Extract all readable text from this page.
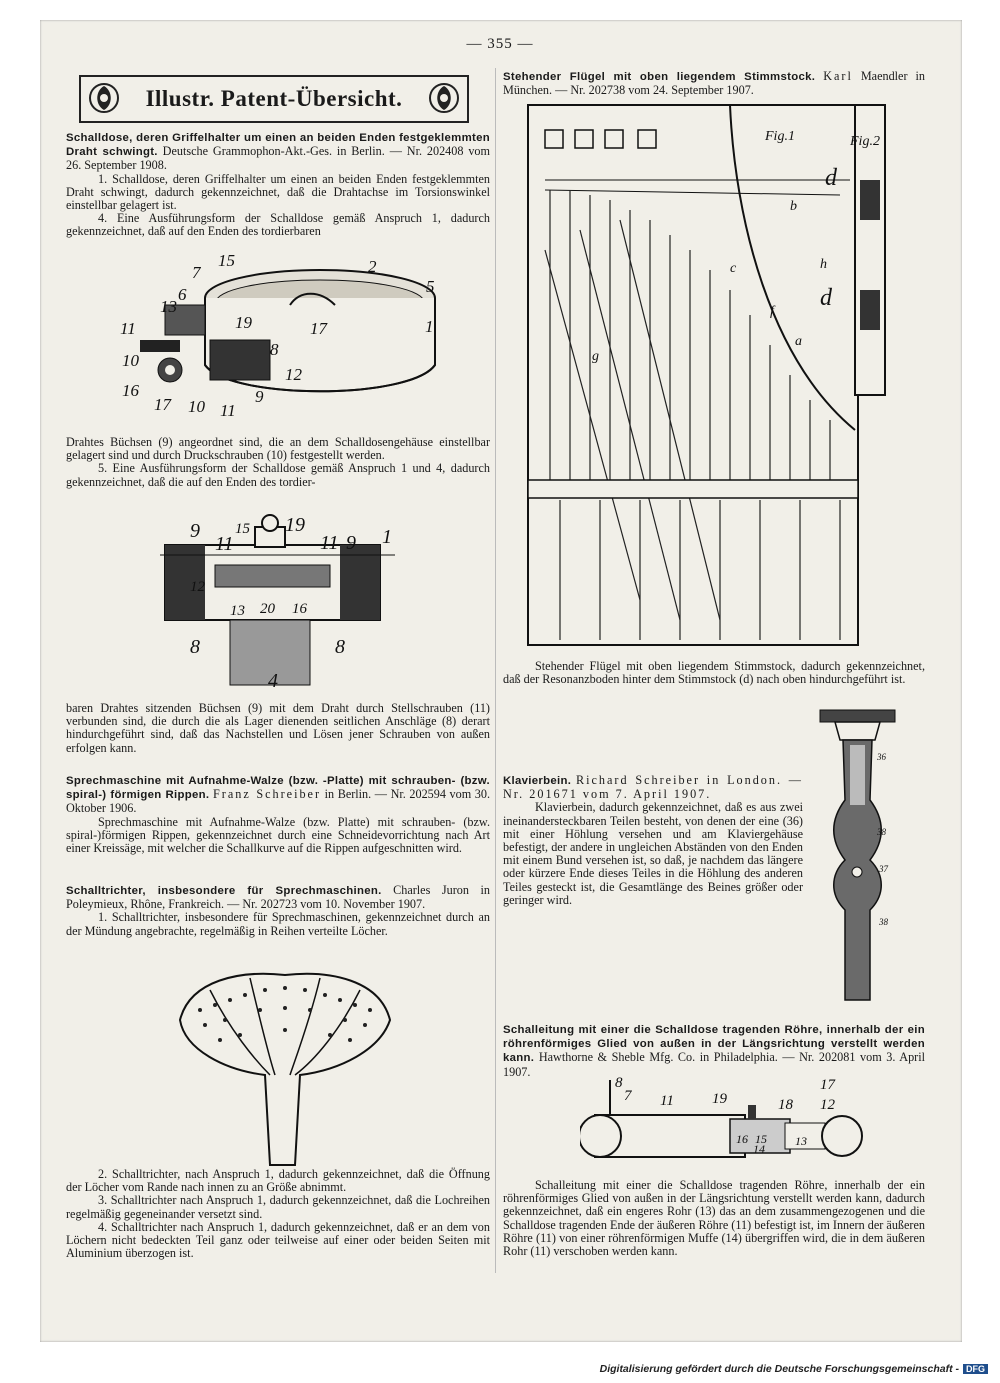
— 355 —
Illustr. Patent-Übersicht.

Schalldose, deren Griffelhalter um einen an beiden Enden festgeklemmten Draht schwingt. Deutsche Grammophon-Akt.-Ges. in Berlin. — Nr. 202408 vom 26. September 1908.

1. Schalldose, deren Griffelhalter um einen an beiden Enden festgeklemmten Draht schwingt, dadurch gekennzeichnet, daß die Drahtachse im Torsionswinkel einstellbar gelagert ist.

4. Eine Ausführungsform der Schalldose gemäß Anspruch 1, dadurch gekennzeichnet, daß auf den Enden des tordierbaren

15
7	2
5
6
13
11
10
16
17 10 11
9
12
8
1
19	17

Drahtes Büchsen (9) angeordnet sind, die an dem Schalldosengehäuse einstellbar gelagert sind und durch Druckschrauben (10) festgestellt werden.

5. Eine Ausführungsform der Schalldose gemäß Anspruch 1 und 4, dadurch gekennzeichnet, daß die auf den Enden des tordier-

9
11
15 19
11 9 1
12
13 20 16
8	8
4

baren Drahtes sitzenden Büchsen (9) mit dem Draht durch Stellschrauben (11) verbunden sind, die durch die als Lager dienenden seitlichen Anschläge (8) derart hindurchgeführt sind, daß das Nachstellen und Lösen jener Schrauben von außen erfolgen kann.

Sprechmaschine mit Aufnahme-Walze (bzw. -Platte) mit schrauben- (bzw. spiral-) förmigen Rippen. Franz Schreiber in Berlin. — Nr. 202594 vom 30. Oktober 1906.

Sprechmaschine mit Aufnahme-Walze (bzw. Platte) mit schrauben- (bzw. spiral-)förmigen Rippen, gekennzeichnet durch eine Schneidevorrichtung nach Art einer Kreissäge, mit welcher die Schallkurve auf die Rippen aufgeschnitten wird.

Schalltrichter, insbesondere für Sprechmaschinen. Charles Juron in Poleymieux, Rhône, Frankreich. — Nr. 202723 vom 10. November 1907.

1. Schalltrichter, insbesondere für Sprechmaschinen, gekennzeichnet durch an der Mündung angebrachte, regelmäßig in Reihen verteilte Löcher.

2. Schalltrichter, nach Anspruch 1, dadurch gekennzeichnet, daß die Öffnung der Löcher vom Rande nach innen zu an Größe abnimmt.

3. Schalltrichter nach Anspruch 1, dadurch gekennzeichnet, daß die Lochreihen regelmäßig gegeneinander versetzt sind.

4. Schalltrichter nach Anspruch 1, dadurch gekennzeichnet, daß er an dem von Löchern nicht bedeckten Teil ganz oder teilweise auf einer oder beiden Seiten mit Aluminium überzogen ist.

Stehender Flügel mit oben liegendem Stimmstock. Karl Maendler in München. — Nr. 202738 vom 24. September 1907.

Fig.1	Fig.2
d
b
c	h
d
f
a
g

Stehender Flügel mit oben liegendem Stimmstock, dadurch gekennzeichnet, daß der Resonanzboden hinter dem Stimmstock (d) nach oben hindurchgeführt ist.

Klavierbein. Richard Schreiber in London. — Nr. 201671 vom 7. April 1907.

Klavierbein, dadurch gekennzeichnet, daß es aus zwei ineinandersteckbaren Teilen besteht, von denen der eine (36) mit einer Höhlung versehen und am Klaviergehäuse befestigt, der andere in ungleichen Abständen von den Enden mit einem Bund versehen ist, so daß, je nachdem das längere oder kürzere Ende dieses Teiles in die Höhlung des anderen Teiles gesteckt ist, die Gesamtlänge des Beines größer oder geringer wird.

36
38
37
38

Schalleitung mit einer die Schalldose tragenden Röhre, innerhalb der ein röhrenförmiges Glied von außen in der Längsrichtung verstellt werden kann. Hawthorne & Sheble Mfg. Co. in Philadelphia. — Nr. 202081 vom 3. April 1907.

8
7 11	19	18
17
12
16 15
14
13

Schalleitung mit einer die Schalldose tragenden Röhre, innerhalb der ein röhrenförmiges Glied von außen in der Längsrichtung verstellt werden kann, dadurch gekennzeichnet, daß ein engeres Rohr (13) das an dem zusammengezogenen und die Schalldose tragenden Ende der äußeren Röhre (11) befestigt ist, im Innern der äußeren Röhre (11) von einer röhrenförmigen Muffe (14) übergriffen wird, die in dem äußeren Rohr (11) verschoben werden kann.

Digitalisierung gefördert durch die Deutsche Forschungsgemeinschaft - DFG
